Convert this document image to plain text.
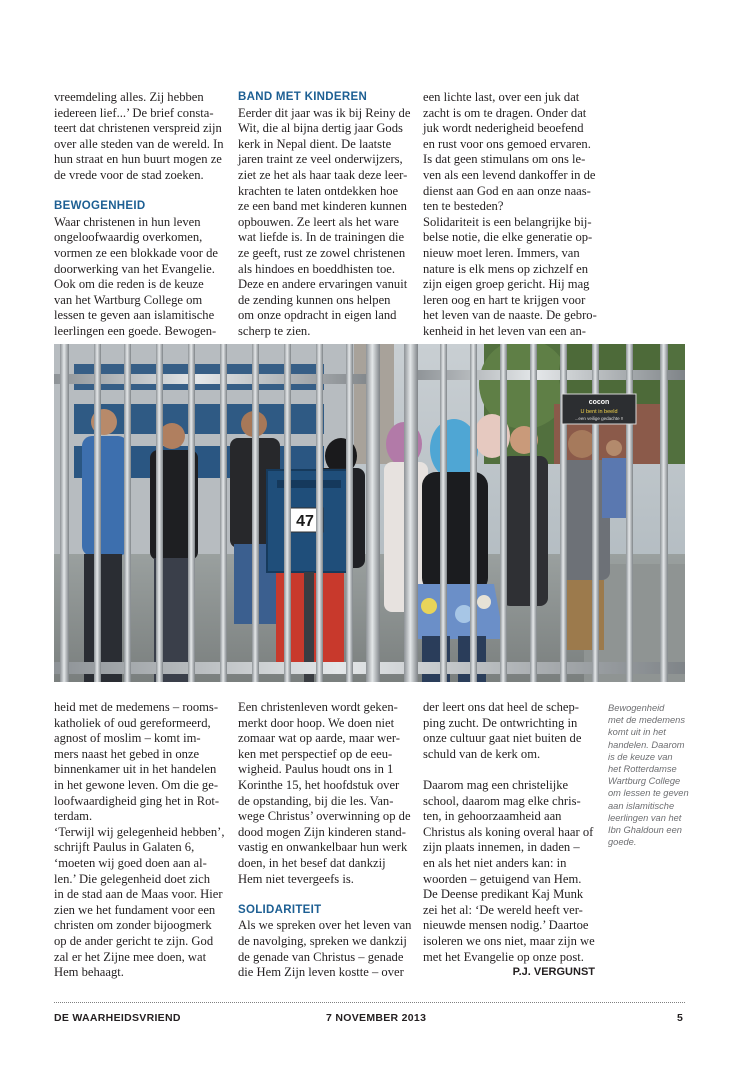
vreemdeling alles. Zij hebben

iedereen lief...’ De brief consta-

teert dat christenen verspreid zijn

over alle steden van de wereld. In

hun straat en hun buurt mogen ze

de vrede voor de stad zoeken.

BEWOGENHEID

Waar christenen in hun leven

ongeloofwaardig overkomen,

vormen ze een blokkade voor de

doorwerking van het Evangelie.

Ook om die reden is de keuze

van het Wartburg College om

lessen te geven aan islamitische

leerlingen een goede. Bewogen-

BAND MET KINDEREN

Eerder dit jaar was ik bij Reiny de

Wit, die al bijna dertig jaar Gods

kerk in Nepal dient. De laatste

jaren traint ze veel onderwijzers,

ziet ze het als haar taak deze leer-

krachten te laten ontdekken hoe

ze een band met kinderen kunnen

opbouwen. Ze leert als het ware

wat liefde is. In de trainingen die

ze geeft, rust ze zowel christenen

als hindoes en boeddhisten toe.

Deze en andere ervaringen vanuit

de zending kunnen ons helpen

om onze opdracht in eigen land

scherp te zien.

een lichte last, over een juk dat

zacht is om te dragen. Onder dat

juk wordt nederigheid beoefend

en rust voor ons gemoed ervaren.

Is dat geen stimulans om ons le-

ven als een levend dankoffer in de

dienst aan God en aan onze naas-

ten te besteden?

Solidariteit is een belangrijke bij-

belse notie, die elke generatie op-

nieuw moet leren. Immers, van

nature is elk mens op zichzelf en

zijn eigen groep gericht. Hij mag

leren oog en hart te krijgen voor

het leven van de naaste. De gebro-

kenheid in het leven van een an-

47
cocon
U bent in beeld
...een veilige gedachte !!

heid met de medemens – rooms-

katholiek of oud gereformeerd,

agnost of moslim – komt im-

mers naast het gebed in onze

binnenkamer uit in het handelen

in het gewone leven. Om die ge-

loofwaardigheid ging het in Rot-

terdam.

‘Terwijl wij gelegenheid hebben’,

schrijft Paulus in Galaten 6,

‘moeten wij goed doen aan al-

len.’ Die gelegenheid doet zich

in de stad aan de Maas voor. Hier

zien we het fundament voor een

christen om zonder bijoogmerk

op de ander gericht te zijn. God

zal er het Zijne mee doen, wat

Hem behaagt.

Een christenleven wordt geken-

merkt door hoop. We doen niet

zomaar wat op aarde, maar wer-

ken met perspectief op de eeu-

wigheid. Paulus houdt ons in 1

Korinthe 15, het hoofdstuk over

de opstanding, bij die les. Van-

wege Christus’ overwinning op de

dood mogen Zijn kinderen stand-

vastig en onwankelbaar hun werk

doen, in het besef dat dankzij

Hem niet tevergeefs is.

SOLIDARITEIT

Als we spreken over het leven van

de navolging, spreken we dankzij

de genade van Christus – genade

die Hem Zijn leven kostte – over

der leert ons dat heel de schep-

ping zucht. De ontwrichting in

onze cultuur gaat niet buiten de

schuld van de kerk om.

Daarom mag een christelijke

school, daarom mag elke chris-

ten, in gehoorzaamheid aan

Christus als koning overal haar of

zijn plaats innemen, in daden –

en als het niet anders kan: in

woorden – getuigend van Hem.

De Deense predikant Kaj Munk

zei het al: ‘De wereld heeft ver-

nieuwde mensen nodig.’ Daartoe

isoleren we ons niet, maar zijn we

met het Evangelie op onze post.

P.J. VERGUNST

Bewogenheid
met de medemens
komt uit in het
handelen. Daarom
is de keuze van
het Rotterdamse
Wartburg College
om lessen te geven
aan islamitische
leerlingen van het
Ibn Ghaldoun een
goede.
DE WAARHEIDSVRIEND	7 NOVEMBER 2013	5
